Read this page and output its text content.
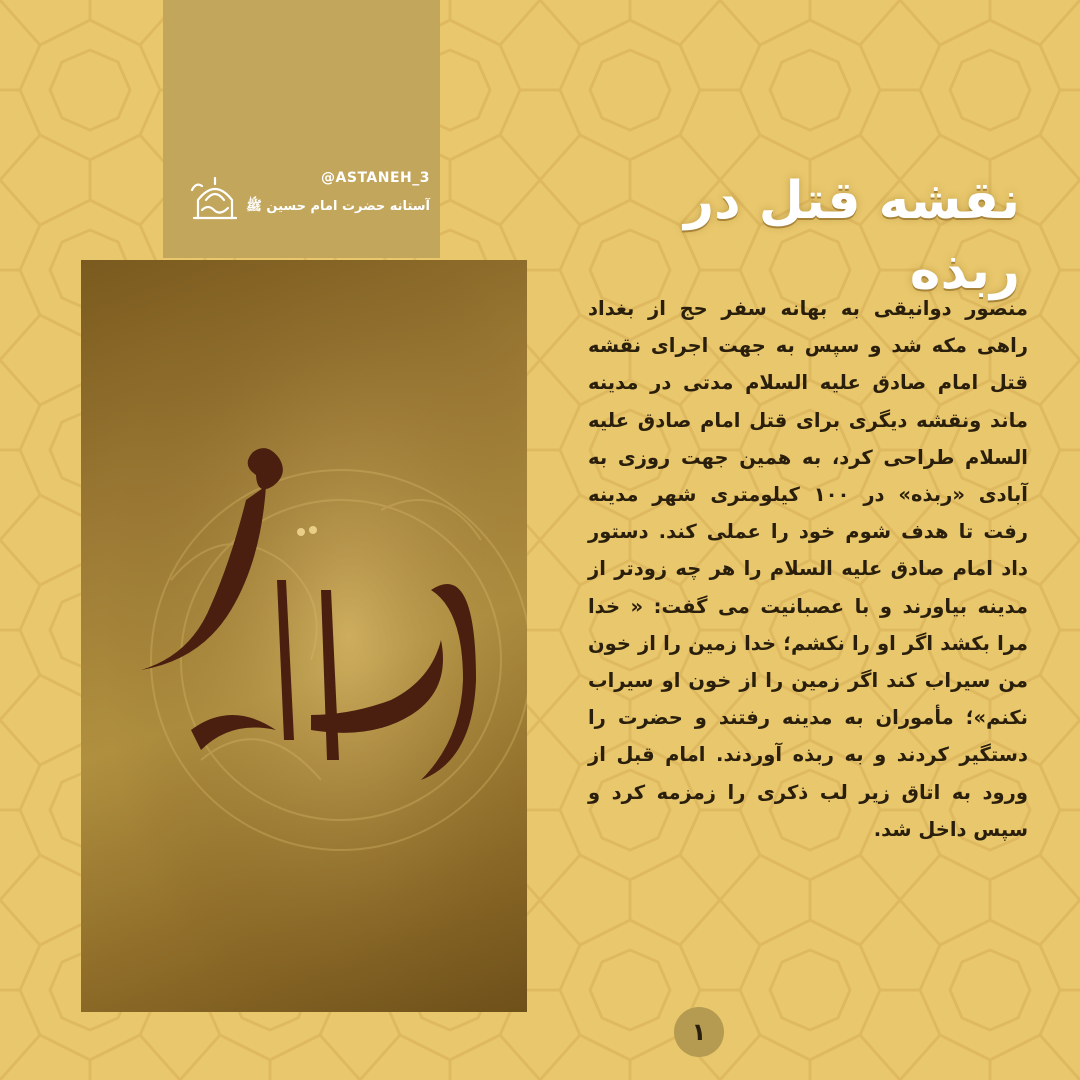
@ASTANEH_3
آستانه حضرت امام حسین ﷺ	نقشه قتل در ربذه

منصور دوانیقی به بهانه سفر حج از بغداد راهی مکه شد و سپس به جهت اجرای نقشه قتل امام صادق علیه السلام مدتی در مدینه ماند ونقشه دیگری برای قتل امام صادق علیه السلام طراحی کرد، به همین جهت روزی به آبادی «ربذه» در ۱۰۰ کیلومتری شهر مدینه رفت تا هدف شوم خود را عملی کند. دستور داد امام صادق علیه السلام را هر چه زودتر از مدینه بیاورند و با عصبانیت می گفت: « خدا مرا بکشد اگر او را نکشم؛ خدا زمین را از خون من سیراب کند اگر زمین را از خون او سیراب نکنم»؛ مأموران به مدینه رفتند و حضرت را دستگیر کردند و به ربذه آوردند. امام قبل از ورود به اتاق زیر لب ذکری را زمزمه کرد و سپس داخل شد.

۱
